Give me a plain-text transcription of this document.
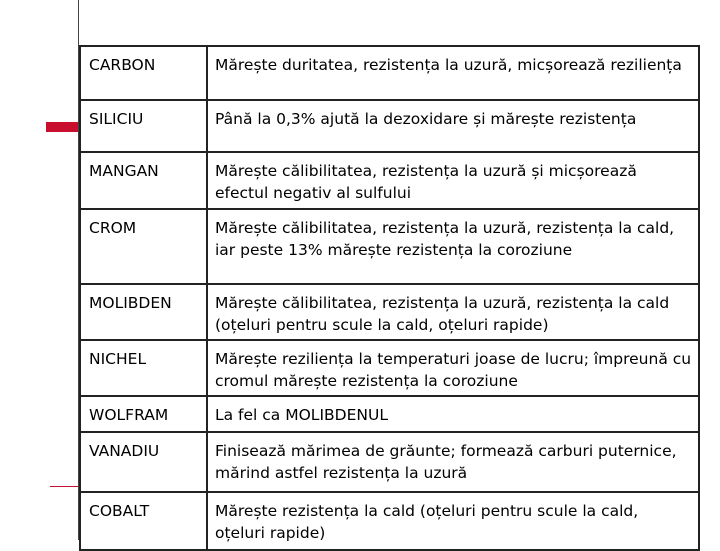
CARBON	Mărește duritatea, rezistența la uzură, micșorează reziliența
SILICIU	Până la 0,3% ajută la dezoxidare și mărește rezistența
MANGAN	Mărește călibilitatea, rezistența la uzură și micșorează efectul negativ al sulfului
CROM	Mărește călibilitatea, rezistența la uzură, rezistența la cald, iar peste 13% mărește rezistența la coroziune
MOLIBDEN	Mărește călibilitatea, rezistența la uzură, rezistența la cald (oțeluri pentru scule la cald, oțeluri rapide)
NICHEL	Mărește reziliența la temperaturi joase de lucru; împreună cu cromul mărește rezistența la coroziune
WOLFRAM	La fel ca MOLIBDENUL
VANADIU	Finisează mărimea de grăunte; formează carburi puternice, mărind astfel rezistența la uzură
COBALT	Mărește rezistența la cald (oțeluri pentru scule la cald, oțeluri rapide)
